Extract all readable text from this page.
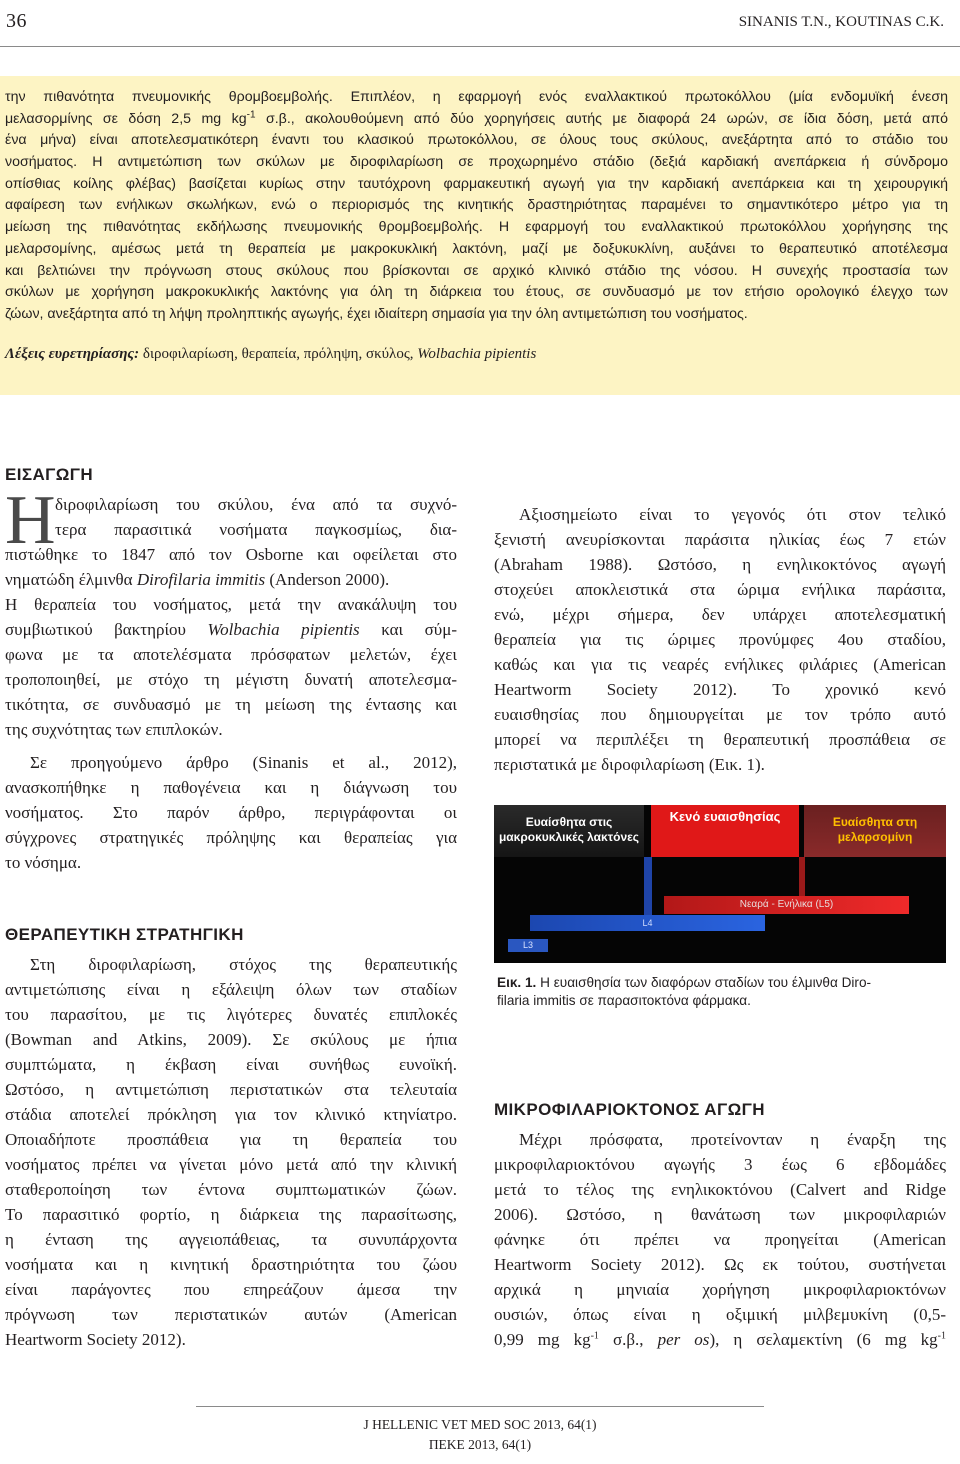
36	SINANIS T.N., KOUTINAS C.K.
την πιθανότητα πνευμονικής θρομβοεμβολής. Επιπλέον, η εφαρμογή ενός εναλλακτικού πρωτοκόλλου (μία ενδομυϊκή ένεση
μελασορμίνης σε δόση 2,5 mg $kg^{-1}$ σ.β., ακολουθούμενη από δύο χορηγήσεις αυτής με διαφορά 24 ωρών, σε ίδια δόση, μετά από
ένα μήνα) είναι αποτελεσματικότερη έναντι του κλασικού πρωτοκόλλου, σε όλους τους σκύλους, ανεξάρτητα από το στάδιο του
νοσήματος. Η αντιμετώπιση των σκύλων με διροφιλαρίωση σε προχωρημένο στάδιο (δεξιά καρδιακή ανεπάρκεια ή σύνδρομο
οπίσθιας κοίλης φλέβας) βασίζεται κυρίως στην ταυτόχρονη φαρμακευτική αγωγή για την καρδιακή ανεπάρκεια και τη χειρουργική
αφαίρεση των ενήλικων σκωλήκων, ενώ ο περιορισμός της κινητικής δραστηριότητας παραμένει το σημαντικότερο μέτρο για τη
μείωση της πιθανότητας εκδήλωσης πνευμονικής θρομβοεμβολής. Η εφαρμογή του εναλλακτικού πρωτοκόλλου χορήγησης της
μελαρσομίνης, αμέσως μετά τη θεραπεία με μακροκυκλική λακτόνη, μαζί με δοξυκυκλίνη, αυξάνει το θεραπευτικό αποτέλεσμα
και βελτιώνει την πρόγνωση στους σκύλους που βρίσκονται σε αρχικό κλινικό στάδιο της νόσου. Η συνεχής προστασία των
σκύλων με χορήγηση μακροκυκλικής λακτόνης για όλη τη διάρκεια του έτους, σε συνδυασμό με τον ετήσιο ορολογικό έλεγχο των
ζώων, ανεξάρτητα από τη λήψη προληπτικής αγωγής, έχει ιδιαίτερη σημασία για την όλη αντιμετώπιση του νοσήματος.
Λέξεις ευρετηρίασης: διροφιλαρίωση, θεραπεία, πρόληψη, σκύλος, Wolbachia pipientis
ΕΙΣΑΓΩΓΗ
Η διροφιλαρίωση του σκύλου, ένα από τα συχνό-
τερα παρασιτικά νοσήματα παγκοσμίως, δια-
πιστώθηκε το 1847 από τον Osborne και οφείλεται στο
νηματώδη έλμινθα Dirofilaria immitis (Anderson 2000).
Η θεραπεία του νοσήματος, μετά την ανακάλυψη του
συμβιωτικού βακτηρίου Wolbachia pipientis και σύμ-
φωνα με τα αποτελέσματα πρόσφατων μελετών, έχει
τροποποιηθεί, με στόχο τη μέγιστη δυνατή αποτελεσμα-
τικότητα, σε συνδυασμό με τη μείωση της έντασης και
της συχνότητας των επιπλοκών.
Σε προηγούμενο άρθρο (Sinanis et al., 2012),
ανασκοπήθηκε η παθογένεια και η διάγνωση του
νοσήματος. Στο παρόν άρθρο, περιγράφονται οι
σύγχρονες στρατηγικές πρόληψης και θεραπείας για
το νόσημα.
ΘΕΡΑΠΕΥΤΙΚΗ ΣΤΡΑΤΗΓΙΚΗ
Στη διροφιλαρίωση, στόχος της θεραπευτικής
αντιμετώπισης είναι η εξάλειψη όλων των σταδίων
του παρασίτου, με τις λιγότερες δυνατές επιπλοκές
(Bowman and Atkins, 2009). Σε σκύλους με ήπια
συμπτώματα, η έκβαση είναι συνήθως ευνοϊκή.
Ωστόσο, η αντιμετώπιση περιστατικών στα τελευταία
στάδια αποτελεί πρόκληση για τον κλινικό κτηνίατρο.
Οποιαδήποτε προσπάθεια για τη θεραπεία του
νοσήματος πρέπει να γίνεται μόνο μετά από την κλινική
σταθεροποίηση των έντονα συμπτωματικών ζώων.
Το παρασιτικό φορτίο, η διάρκεια της παρασίτωσης,
η ένταση της αγγειοπάθειας, τα συνυπάρχοντα
νοσήματα και η κινητική δραστηριότητα του ζώου
είναι παράγοντες που επηρεάζουν άμεσα την
πρόγνωση των περιστατικών αυτών (American
Heartworm Society 2012).
Αξιοσημείωτο είναι το γεγονός ότι στον τελικό
ξενιστή ανευρίσκονται παράσιτα ηλικίας έως 7 ετών
(Abraham 1988). Ωστόσο, η ενηλικοκτόνος αγωγή
στοχεύει αποκλειστικά στα ώριμα ενήλικα παράσιτα,
ενώ, μέχρι σήμερα, δεν υπάρχει αποτελεσματική
θεραπεία για τις ώριμες προνύμφες 4ου σταδίου,
καθώς και για τις νεαρές ενήλικες φιλάριες (American
Heartworm Society 2012). Το χρονικό κενό
ευαισθησίας που δημιουργείται με τον τρόπο αυτό
μπορεί να περιπλέξει τη θεραπευτική προσπάθεια σε
περιστατικά με διροφιλαρίωση (Εικ. 1).
Ευαίσθητα στις μακροκυκλικές λακτόνες
Κενό ευαισθησίας	Ευαίσθητα στη
μελαρσομίνη
Νεαρά - Ενήλικα (L5)
L4
L3
Εικ. 1. Η ευαισθησία των διαφόρων σταδίων του έλμινθα Diro-
filaria immitis σε παρασιτοκτόνα φάρμακα.
ΜΙΚΡΟΦΙΛΑΡΙΟΚΤΟΝΟΣ ΑΓΩΓΗ
Μέχρι πρόσφατα, προτείνονταν η έναρξη της
μικροφιλαριοκτόνου αγωγής 3 έως 6 εβδομάδες
μετά το τέλος της ενηλικοκτόνου (Calvert and Ridge
2006). Ωστόσο, η θανάτωση των μικροφιλαριών
φάνηκε ότι πρέπει να προηγείται (American
Heartworm Society 2012). Ως εκ τούτου, συστήνεται
αρχικά η μηνιαία χορήγηση μικροφιλαριοκτόνων
ουσιών, όπως είναι η οξιμική μιλβεμυκίνη (0,5-
0,99 mg $kg^{-1}$ σ.β., per os), η σελαμεκτίνη (6 mg $kg^{-1}$
J HELLENIC VET MED SOC 2013, 64(1)
ΠΕΚΕ 2013, 64(1)
